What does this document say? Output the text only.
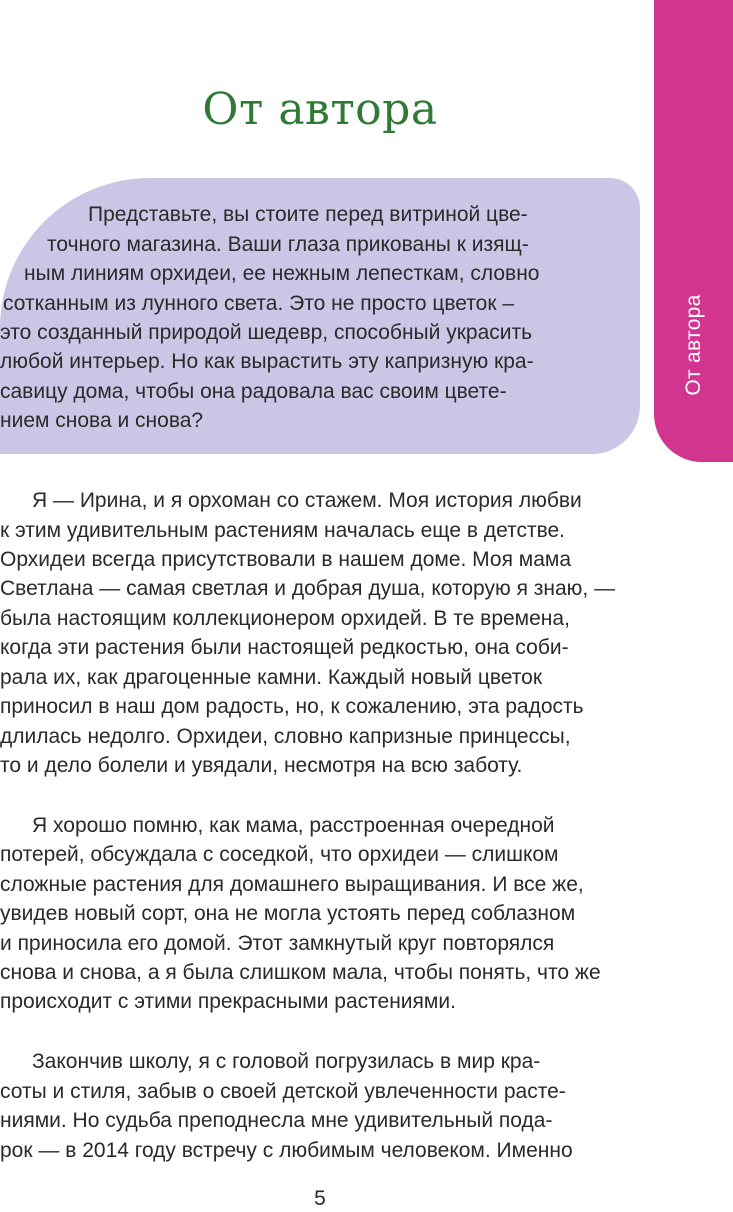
От автора
От автора
Представьте, вы стоите перед витриной цве-
точного магазина. Ваши глаза прикованы к изящ-
ным линиям орхидеи, ее нежным лепесткам, словно
сотканным из лунного света. Это не просто цветок –
это созданный природой шедевр, способный украсить
любой интерьер. Но как вырастить эту капризную кра-
савицу дома, чтобы она радовала вас своим цвете-
нием снова и снова?
Я — Ирина, и я орхоман со стажем. Моя история любви
к этим удивительным растениям началась еще в детстве.
Орхидеи всегда присутствовали в нашем доме. Моя мама
Светлана — самая светлая и добрая душа, которую я знаю, —
была настоящим коллекционером орхидей. В те времена,
когда эти растения были настоящей редкостью, она соби-
рала их, как драгоценные камни. Каждый новый цветок
приносил в наш дом радость, но, к сожалению, эта радость
длилась недолго. Орхидеи, словно капризные принцессы,
то и дело болели и увядали, несмотря на всю заботу.
Я хорошо помню, как мама, расстроенная очередной
потерей, обсуждала с соседкой, что орхидеи — слишком
сложные растения для домашнего выращивания. И все же,
увидев новый сорт, она не могла устоять перед соблазном
и приносила его домой. Этот замкнутый круг повторялся
снова и снова, а я была слишком мала, чтобы понять, что же
происходит с этими прекрасными растениями.
Закончив школу, я с головой погрузилась в мир кра-
соты и стиля, забыв о своей детской увлеченности расте-
ниями. Но судьба преподнесла мне удивительный пода-
рок — в 2014 году встречу с любимым человеком. Именно
5
